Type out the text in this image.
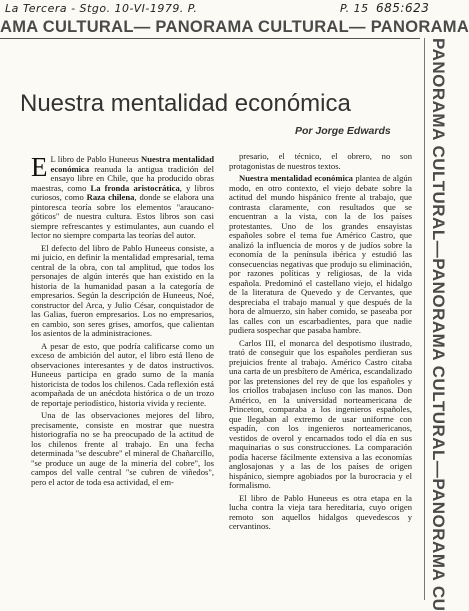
La Tercera - Stgo. 10-VI-1979. P.	P. 15 685:623
AMA CULTURAL— PANORAMA CULTURAL— PANORAMA
PANORAMA CULTURAL—PANORAMA CULTURAL—PANORAMA CU
Nuestra mentalidad económica
Por Jorge Edwards

E L libro de Pablo Huneeus Nuestra mentalidad económica reanuda la antigua tradición del ensayo libre en Chile, que ha producido obras maestras, como La fronda aristocrática, y libros curiosos, como Raza chilena, donde se elabora una pintoresca teoría sobre los elementos "araucano-góticos" de nuestra cultura. Estos libros son casi siempre refrescantes y estimulantes, aun cuando el lector no siempre comparta las teorías del autor.

El defecto del libro de Pablo Huneeus consiste, a mi juicio, en definir la mentalidad empresarial, tema central de la obra, con tal amplitud, que todos los personajes de algún interés que han existido en la historia de la humanidad pasan a la categoría de empresarios. Según la descripción de Huneeus, Noé, constructor del Arca, y Julio César, conquistador de las Galias, fueron empresarios. Los no empresarios, en cambio, son seres grises, amorfos, que calientan los asientos de la administraciones.

A pesar de esto, que podría calificarse como un exceso de ambición del autor, el libro está lleno de observaciones interesantes y de datos instructivos. Huneeus participa en grado sumo de la manía historicista de todos los chilenos. Cada reflexión está acompañada de un anécdota histórica o de un trozo de reportaje periodístico, historia vivida y reciente.

Una de las observaciones mejores del libro, precisamente, consiste en mostrar que nuestra historiografía no se ha preocupado de la actitud de los chilenos frente al trabajo. En una fecha determinada "se descubre" el mineral de Chañarcillo, "se produce un auge de la minería del cobre", los campos del valle central "se cubren de viñedos", pero el actor de toda esa actividad, el em-

presario, el técnico, el obrero, no son protagonistas de nuestros textos.

Nuestra mentalidad económica plantea de algún modo, en otro contexto, el viejo debate sobre la actitud del mundo hispánico frente al trabajo, que contrasta claramente, con resultados que se encuentran a la vista, con la de los países protestantes. Uno de los grandes ensayistas españoles sobre el tema fue Américo Castro, que analizó la influencia de moros y de judíos sobre la economía de la península ibérica y estudió las consecuencias negativas que produjo su eliminación, por razones políticas y religiosas, de la vida española. Predominó el castellano viejo, el hidalgo de la literatura de Quevedo y de Cervantes, que despreciaba el trabajo manual y que después de la hora de almuerzo, sin haber comido, se paseaba por las calles con un escarbadientes, para que nadie pudiera sospechar que pasaba hambre.

Carlos III, el monarca del despotismo ilustrado, trató de conseguir que los españoles perdieran sus prejuicios frente al trabajo. Américo Castro citaba una carta de un presbítero de América, escandalizado por las pretensiones del rey de que los españoles y los criollos trabajasen incluso con las manos. Don Américo, en la universidad norteamericana de Princeton, comparaba a los ingenieros españoles, que llegaban al extremo de usar uniforme con espadín, con los ingenieros norteamericanos, vestidos de overol y encarnados todo el día en sus maquinarias o sus construcciones. La comparación podía hacerse fácilmente extensiva a las economías anglosajonas y a las de los países de origen hispánico, siempre agobiados por la burocracia y el formalismo.

El libro de Pablo Huneeus es otra etapa en la lucha contra la vieja tara hereditaria, cuyo origen remoto son aquellos hidalgos quevedescos y cervantinos.
